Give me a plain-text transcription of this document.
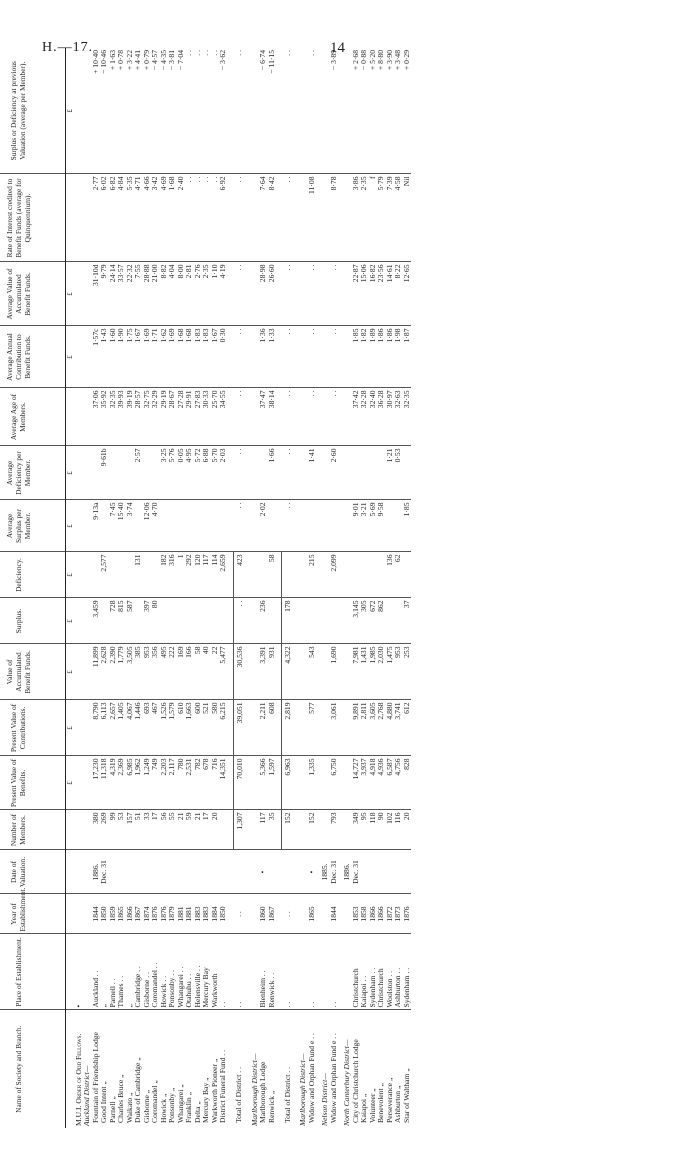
H.—17.	14
Name of Society and Branch.	Place of Establishment.	Year of Establishment.	Date of Valuation.	Number of Members.	Present Value of Benefits.	Present Value of Contributions.	Value of Accumulated Benefit Funds.	Surplus.	Deficiency.	Average Surplus per Member.	Average Deficiency per Member.	Average Age of Members.	Average Annual Contribution to Benefit Funds.	Average Value of Accumulated Benefit Funds.	Rate of Interest credited to Benefit Funds (average for Quinquennium).	Surplus or Deficiency at previous Valuation (average per Member).
					£	£	£	£	£	£	£		£	£		£
M.U.I. Order of Odd Fellows.	•															
Auckland District—																
Fountain of Friendship Lodge	Auckland . .	1844	1886.	380	17,230	8,790	11,899	3,459		9·13a		37·06	1·57c	31·10d	2·77	+ 10·40
Good Intent „	„	1850	Dec. 31	269	11,318	6,113	2,628		2,577		9·61b	35·92	1·43	9·79	6·02	− 10·46
Parnell „	Parnell . .	1859		99	4,319	2,657	2,390	728		7·45		32·35	1·60	24·14	6·82	+ 1·63
Charles Bruce „	Thames . .	1865		53	2,369	1,405	1,779	815		15·40		39·93	1·90	33·57	4·84	+ 0·78
Waikato „	„	1866		157	6,985	4,067	3,505	587		3·74		39·19	1·75	22·32	5·35	+ 3·22
Duke of Cambridge „	Cambridge . .	1867		51	1,962	1,446	385		131		2·57	28·57	1·67	7·55	4·71	+ 4·41
Gisborne „	Gisborne . .	1874		33	1,249	693	953	397		12·06		32·75	1·69	28·88	4·66	+ 0·79
Coromandel „	Coromandel . .	1876		17	749	467	356	80		4·70		32·29	1·71	21·00	3·42	− 4·57
Howick „	Howick . .	1876		56	2,203	1,526	495		182		3·25	29·19	1·62	8·82	4·69	− 4·35
Ponsonby „	Ponsonby . .	1879		55	2,117	1,579	222		316		5·76	28·67	1·69	4·04	1·68	− 3·81
Whangarei „	Whangarei . .	1881		21	780	610	169		1		0·05	27·28	1·68	8·00	2·40	− 7·04
Franklin „	Otahuhu . .	1881		59	2,531	1,663	166		292		4·95	29·91	1·68	2·81	. .	. .
Delta „	Helensville . .	1883		21	782	600	58		120		5·72	27·83	1·83	2·76	. .	. .
Mercury Bay „	Mercury Bay	1883		17	678	521	40		117		6·88	30·33	1·83	2·35	. .	. .
Warkworth Pioneer „	Warkworth	1884		20	716	580	22		114		5·70	25·70	1·67	1·10	. .	. .
District Funeral Fund . .	. .	1850			14,351	6,215	5,477		2,659		2·03	34·55	0·30	4·19	6·92	− 3·62

Total of District . .	. .	. .		1,307	70,010	39,051	30,536	. .	423	. .	. .	. .	. .	. .	. .	. .

Marlborough District—																
Marlborough Lodge	Blenheim . .	1860	•	117	5,366	2,211	3,391	236		2·02		37·47	1·36	28·98	7·64	− 6·74
Renwick „	Renwick . .	1867		35	1,597	608	931		58		1·66	38·14	1·33	26·60	8·42	− 11·15

Total of District . .	. .	. .		152	6,963	2,819	4,322	178		. .	. .	. .	. .	. .	. .	. .

Marlborough District—																
Widow and Orphan Fund e . .	. .	1865	•	152	1,335	577	543		215		1·41	. .	. .	. .	11·08	. .

Nelson District—			1885.													
Widow and Orphan Fund e . .	. .	1844	Dec. 31	793	6,750	3,061	1,690		2,099		2·60	. .	. .	. .	8·78	− 3·89

North Canterbury District—			1886.													
City of Christchurch Lodge	Christchurch	1853	Dec. 31	349	14,727	9,891	7,981	3,145		9·01		37·42	1·85	22·87	3·86	+ 2·68
Kaiapoi „	Kaiapoi . .	1858		95	3,937	2,811	1,431	305		3·21		32·28	1·82	15·06	2·35	− 0·88
Volunteer „	Sydenham . .	1866		118	4,918	3,605	1,985	672		5·69		32·40	1·89	16·82	f	+ 5·20
Benevolent „	Christchurch	1866		90	4,936	2,768	2,030	862		9·58		36·28	1·86	23·56	5·79	+ 8·80
Perseverance „	Woolston . .	1872		102	6,587	4,880	1,475		136		1·21	30·97	1·86	14·61	7·39	+ 3·90
Ashburton „	Ashburton . .	1873		116	4,756	3,741	953		62		0·53	32·63	1·98	8·22	4·58	+ 3·48
Star of Waltham „	Sydenham . .	1876		20	828	612	253	37		1·85		32·35	1·87	12·65	Nil	+ 0·29
